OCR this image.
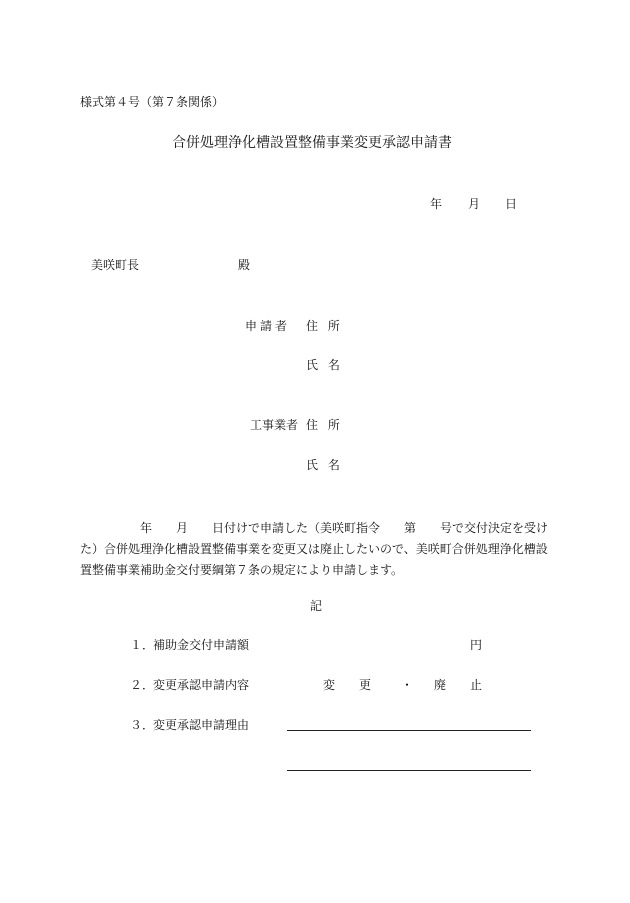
様式第４号（第７条関係）
合併処理浄化槽設置整備事業変更承認申請書
年 月 日
美咲町長	殿
申請者 住 所
氏 名
工事業者 住 所
氏 名
　　　　　年　　月　　日付けで申請した（美咲町指令　　第　　号で交付決定を受け
た）合併処理浄化槽設置整備事業を変更又は廃止したいので、美咲町合併処理浄化槽設
置整備事業補助金交付要綱第７条の規定により申請します。
記
１．
補助金交付申請額	円
２．
変更承認申請内容	変　　更 ・ 廃　　止
３．
変更承認申請理由
